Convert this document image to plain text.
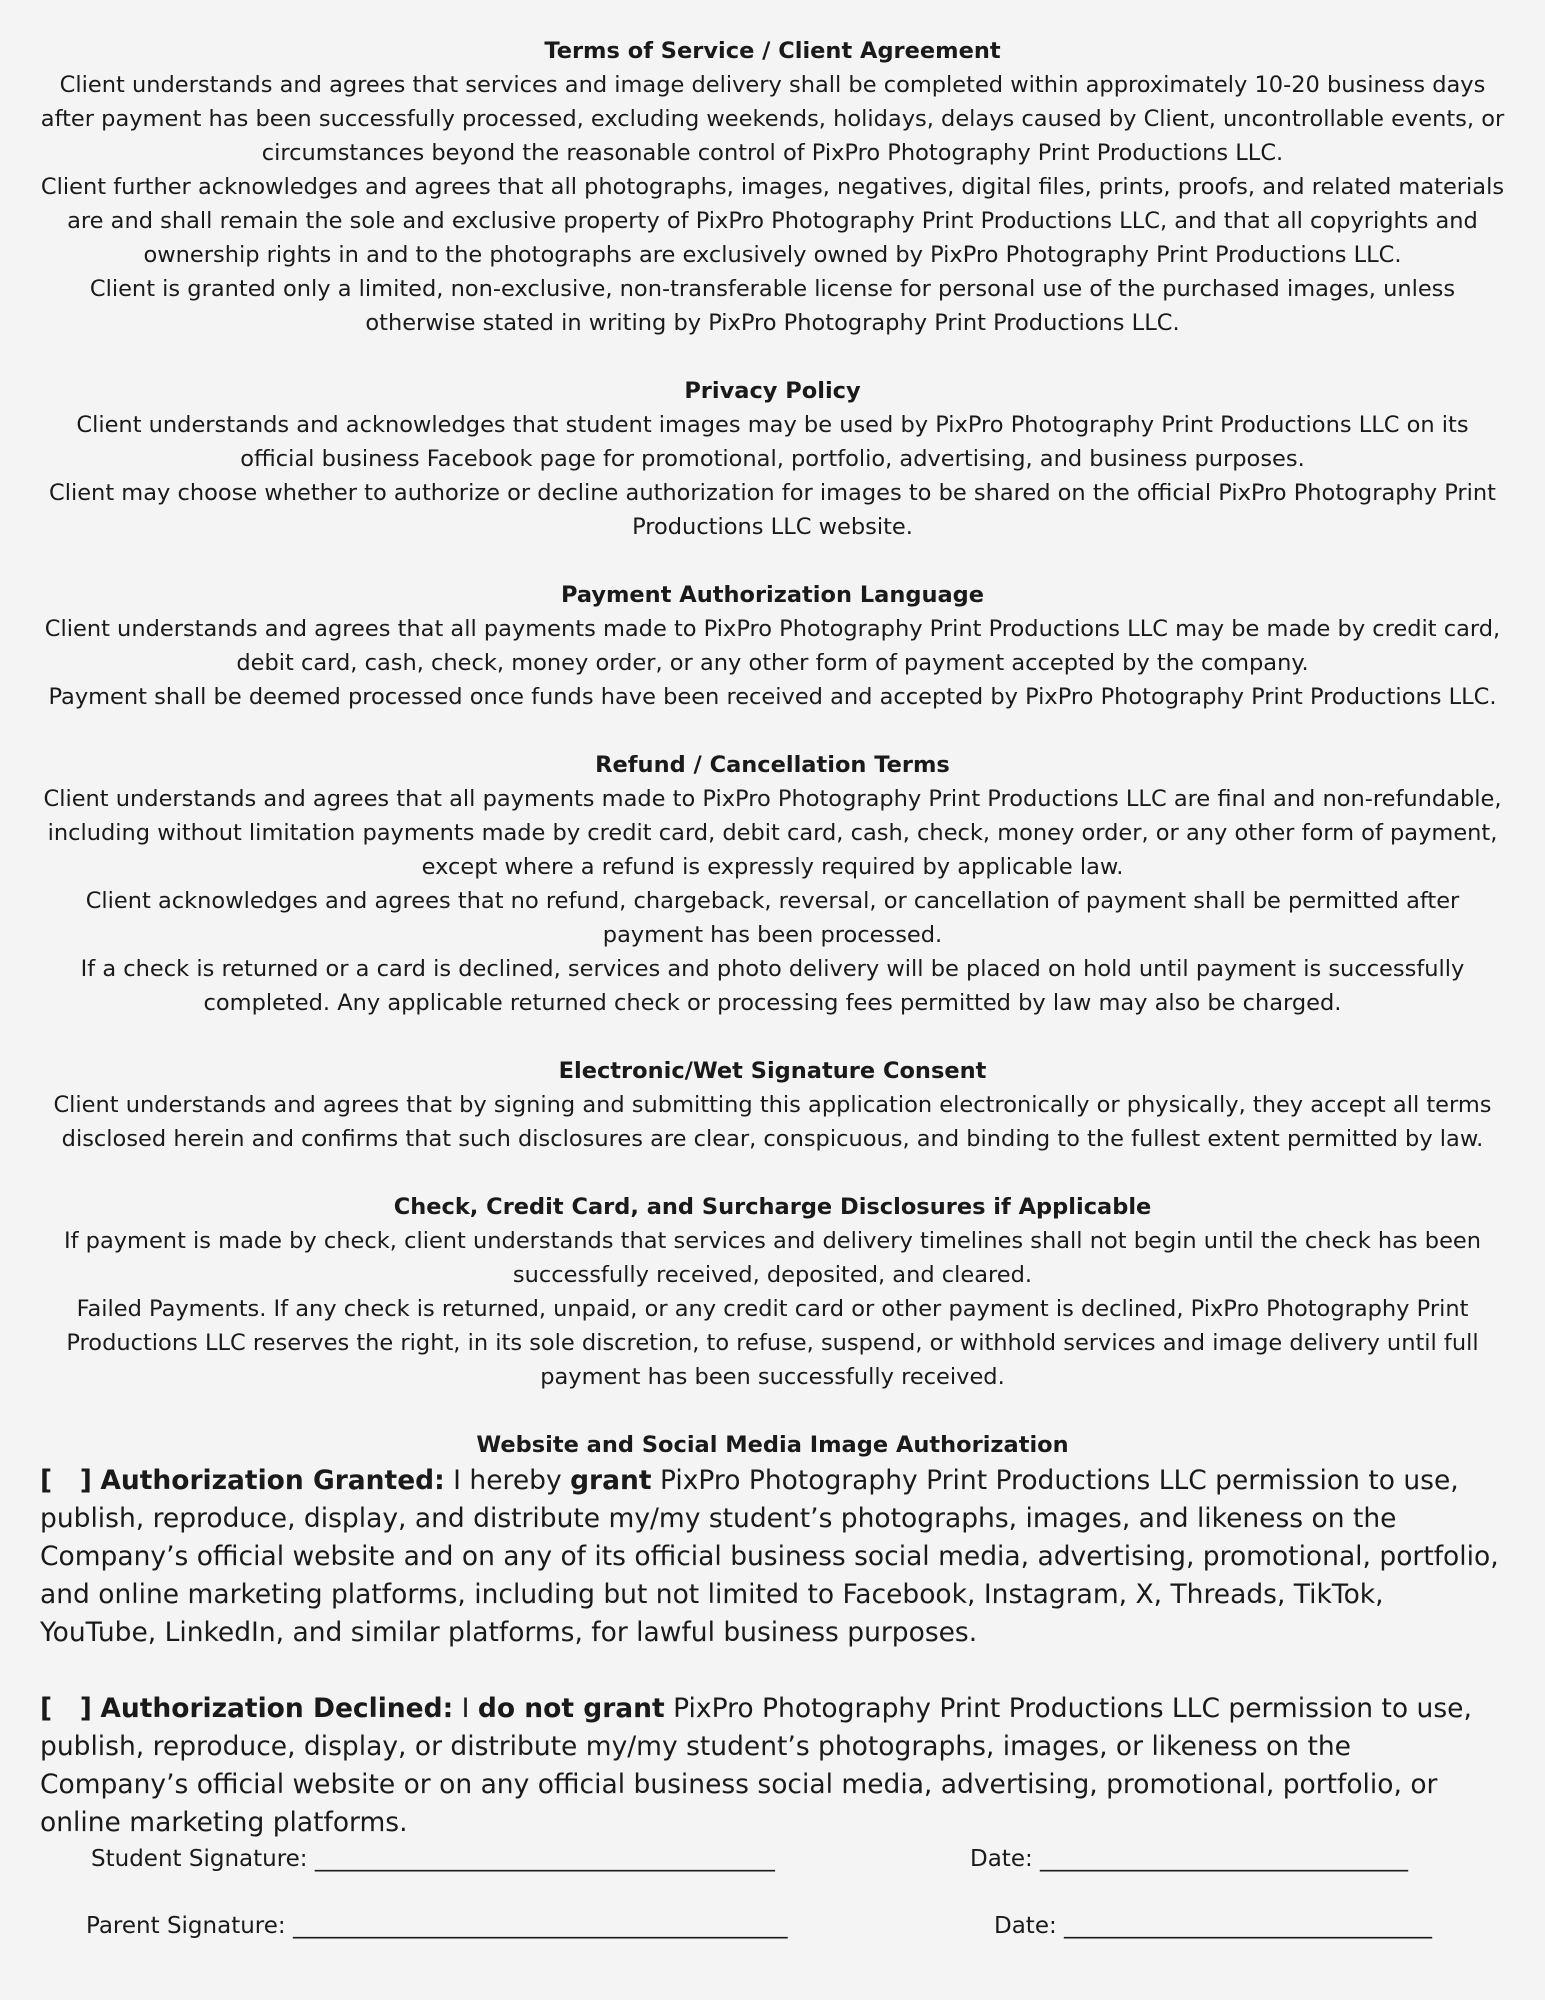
Terms of Service / Client Agreement

Client understands and agrees that services and image delivery shall be completed within approximately 10-20 business days after payment has been successfully processed, excluding weekends, holidays, delays caused by Client, uncontrollable events, or circumstances beyond the reasonable control of PixPro Photography Print Productions LLC.

Client further acknowledges and agrees that all photographs, images, negatives, digital files, prints, proofs, and related materials are and shall remain the sole and exclusive property of PixPro Photography Print Productions LLC, and that all copyrights and ownership rights in and to the photographs are exclusively owned by PixPro Photography Print Productions LLC.

Client is granted only a limited, non-exclusive, non-transferable license for personal use of the purchased images, unless otherwise stated in writing by PixPro Photography Print Productions LLC.

Privacy Policy

Client understands and acknowledges that student images may be used by PixPro Photography Print Productions LLC on its official business Facebook page for promotional, portfolio, advertising, and business purposes.

Client may choose whether to authorize or decline authorization for images to be shared on the official PixPro Photography Print Productions LLC website.

Payment Authorization Language

Client understands and agrees that all payments made to PixPro Photography Print Productions LLC may be made by credit card, debit card, cash, check, money order, or any other form of payment accepted by the company.

Payment shall be deemed processed once funds have been received and accepted by PixPro Photography Print Productions LLC.

Refund / Cancellation Terms

Client understands and agrees that all payments made to PixPro Photography Print Productions LLC are final and non-refundable, including without limitation payments made by credit card, debit card, cash, check, money order, or any other form of payment, except where a refund is expressly required by applicable law.

Client acknowledges and agrees that no refund, chargeback, reversal, or cancellation of payment shall be permitted after payment has been processed.

If a check is returned or a card is declined, services and photo delivery will be placed on hold until payment is successfully completed. Any applicable returned check or processing fees permitted by law may also be charged.

Electronic/Wet Signature Consent

Client understands and agrees that by signing and submitting this application electronically or physically, they accept all terms disclosed herein and confirms that such disclosures are clear, conspicuous, and binding to the fullest extent permitted by law.

Check, Credit Card, and Surcharge Disclosures if Applicable

If payment is made by check, client understands that services and delivery timelines shall not begin until the check has been successfully received, deposited, and cleared.

Failed Payments. If any check is returned, unpaid, or any credit card or other payment is declined, PixPro Photography Print Productions LLC reserves the right, in its sole discretion, to refuse, suspend, or withhold services and image delivery until full payment has been successfully received.

Website and Social Media Image Authorization

[   ] Authorization Granted: I hereby grant PixPro Photography Print Productions LLC permission to use, publish, reproduce, display, and distribute my/my student’s photographs, images, and likeness on the Company’s official website and on any of its official business social media, advertising, promotional, portfolio, and online marketing platforms, including but not limited to Facebook, Instagram, X, Threads, TikTok, YouTube, LinkedIn, and similar platforms, for lawful business purposes.

[   ] Authorization Declined: I do not grant PixPro Photography Print Productions LLC permission to use, publish, reproduce, display, or distribute my/my student’s photographs, images, or likeness on the Company’s official website or on any official business social media, advertising, promotional, portfolio, or online marketing platforms.

Student Signature: ________________________________________	Date: ________________________________
Parent Signature: ___________________________________________	Date: ________________________________
